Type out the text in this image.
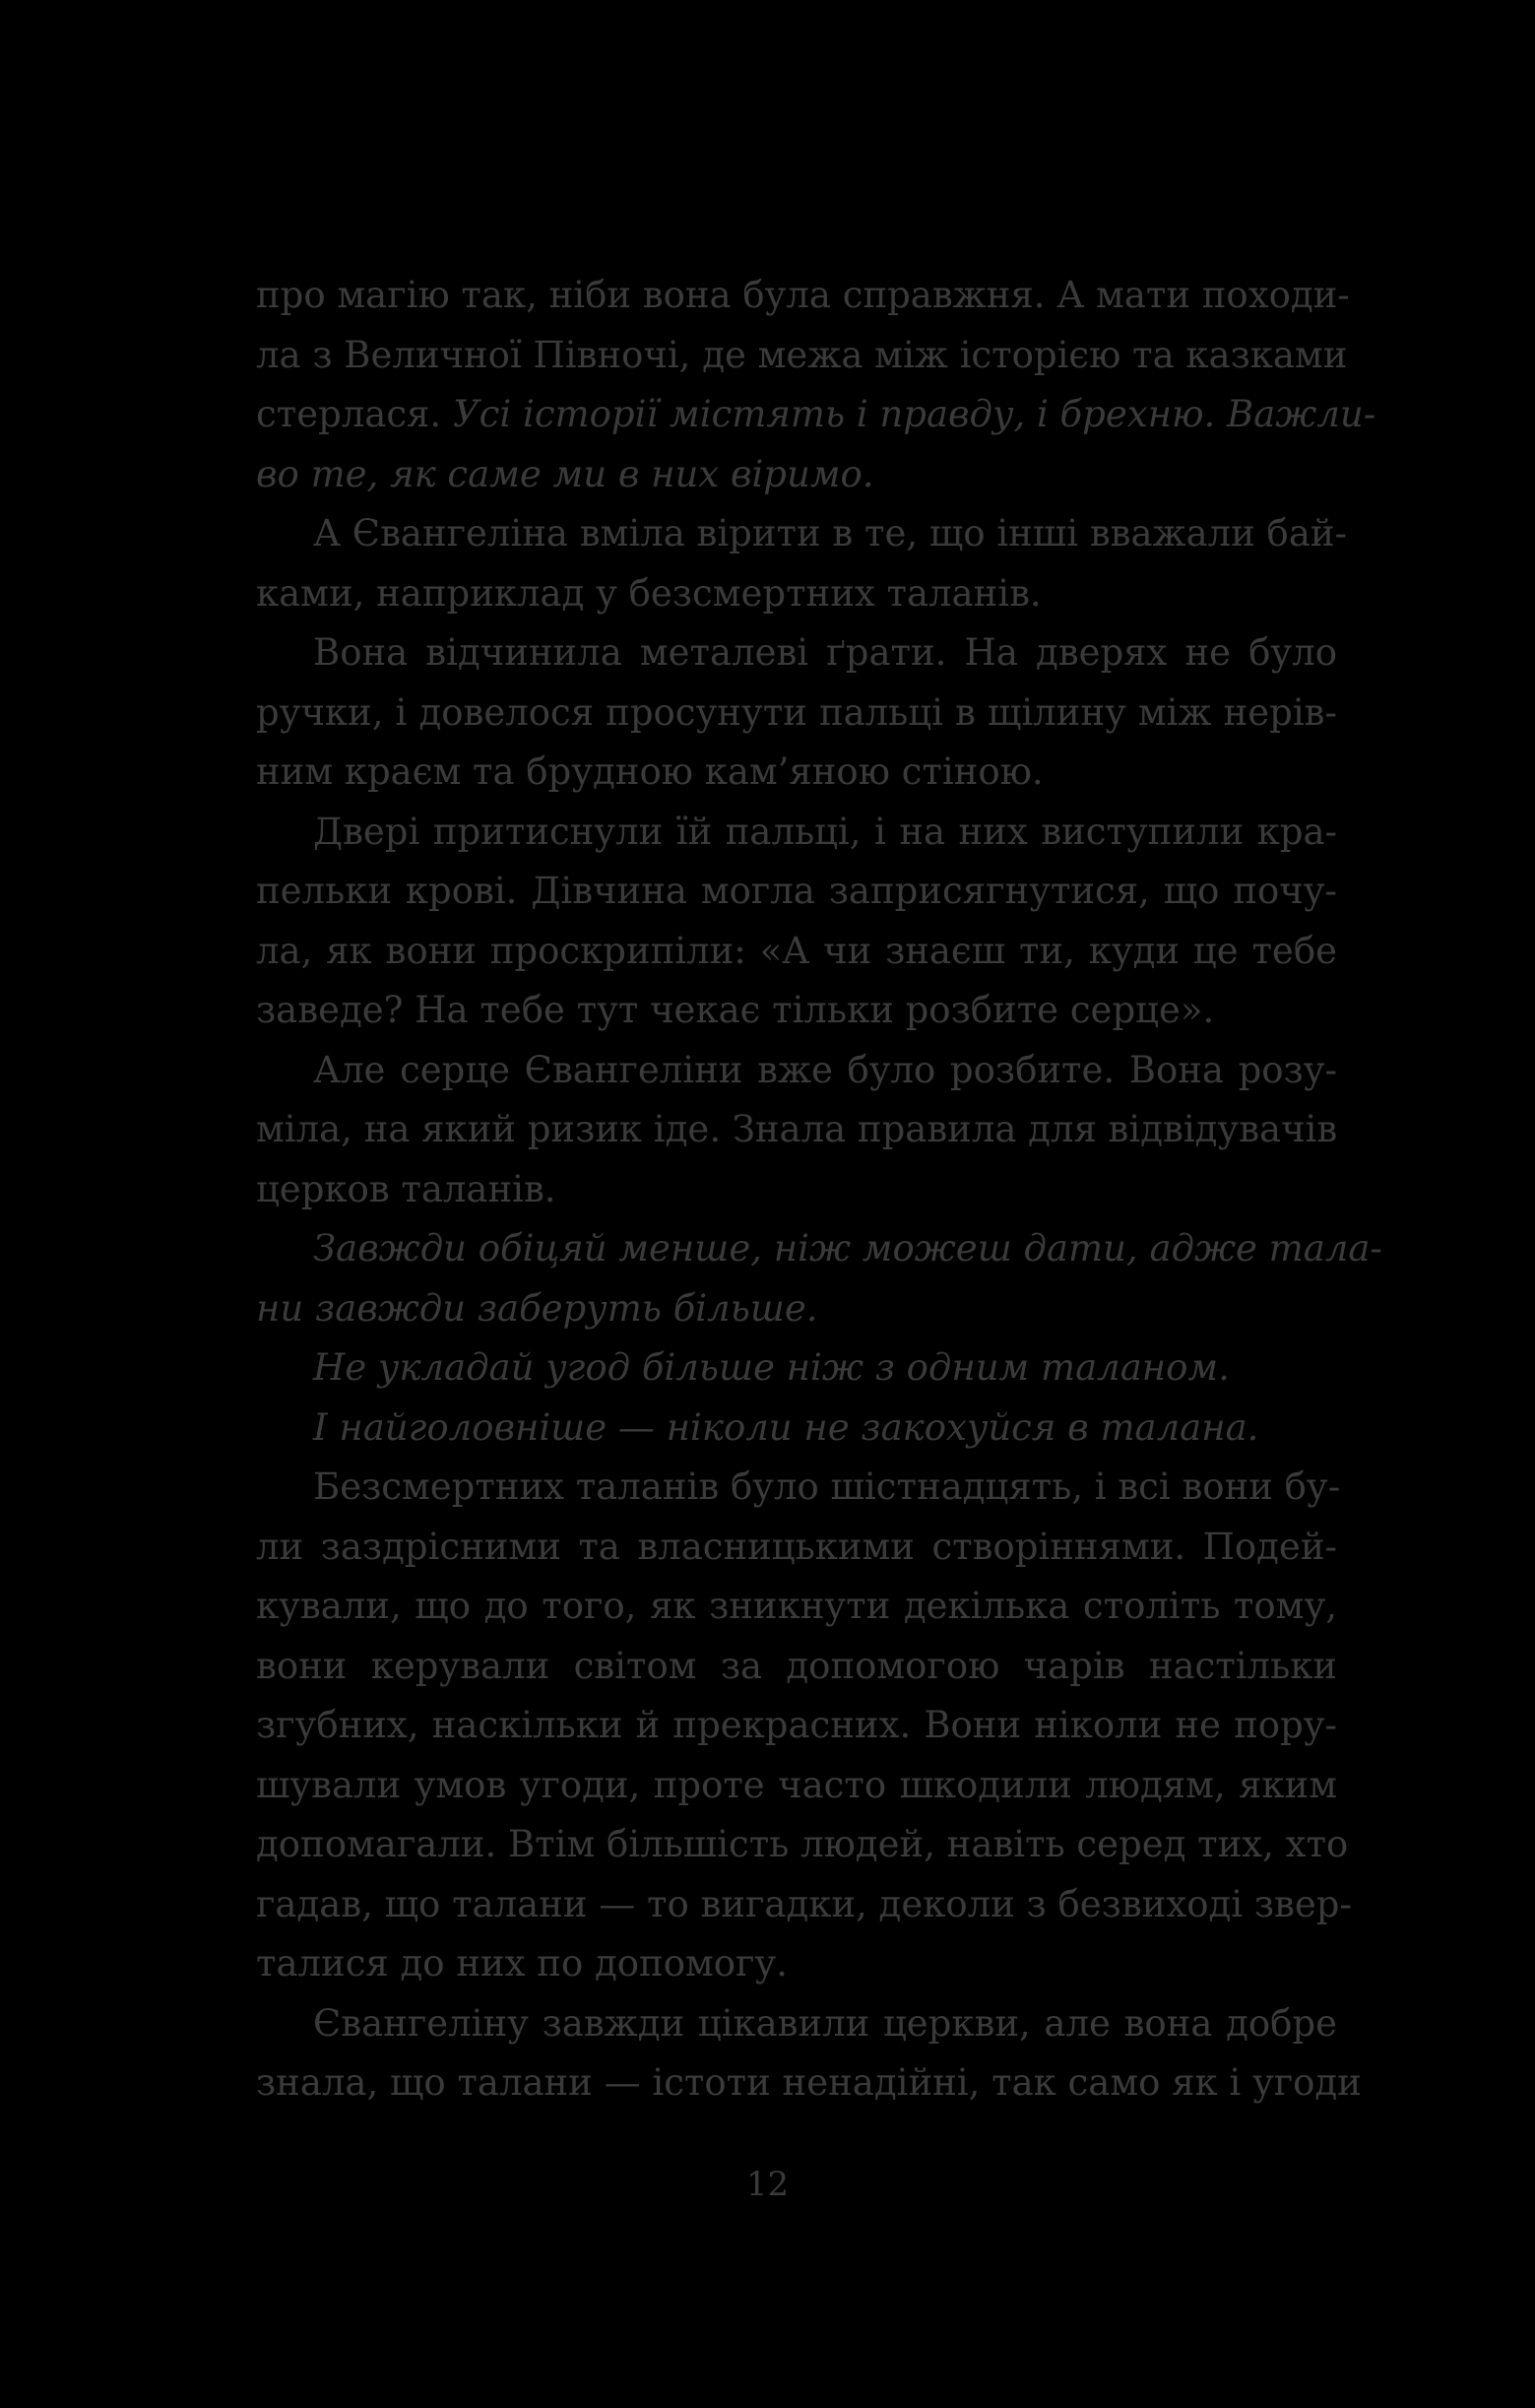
про магію так, ніби вона була справжня. А мати походи-
ла з Величної Півночі, де межа між історією та казками
стерлася. Усі історії містять і правду, і брехню. Важли-
во те, як саме ми в них віримо.
А Євангеліна вміла вірити в те, що інші вважали бай-
ками, наприклад у безсмертних таланів.
Вона відчинила металеві ґрати. На дверях не було
ручки, і довелося просунути пальці в щілину між нерів-
ним краєм та брудною кам’яною стіною.
Двері притиснули їй пальці, і на них виступили кра-
пельки крові. Дівчина могла заприсягнутися, що почу-
ла, як вони проскрипіли: «А чи знаєш ти, куди це тебе
заведе? На тебе тут чекає тільки розбите серце».
Але серце Євангеліни вже було розбите. Вона розу-
міла, на який ризик іде. Знала правила для відвідувачів
церков таланів.
Завжди обіцяй менше, ніж можеш дати, адже тала-
ни завжди заберуть більше.
Не укладай угод більше ніж з одним таланом.
І найголовніше — ніколи не закохуйся в талана.
Безсмертних таланів було шістнадцять, і всі вони бу-
ли заздрісними та власницькими створіннями. Подей-
кували, що до того, як зникнути декілька століть тому,
вони керували світом за допомогою чарів настільки
згубних, наскільки й прекрасних. Вони ніколи не пору-
шували умов угоди, проте часто шкодили людям, яким
допомагали. Втім більшість людей, навіть серед тих, хто
гадав, що талани — то вигадки, деколи з безвиході звер-
талися до них по допомогу.
Євангеліну завжди цікавили церкви, але вона добре
знала, що талани — істоти ненадійні, так само як і угоди
12
